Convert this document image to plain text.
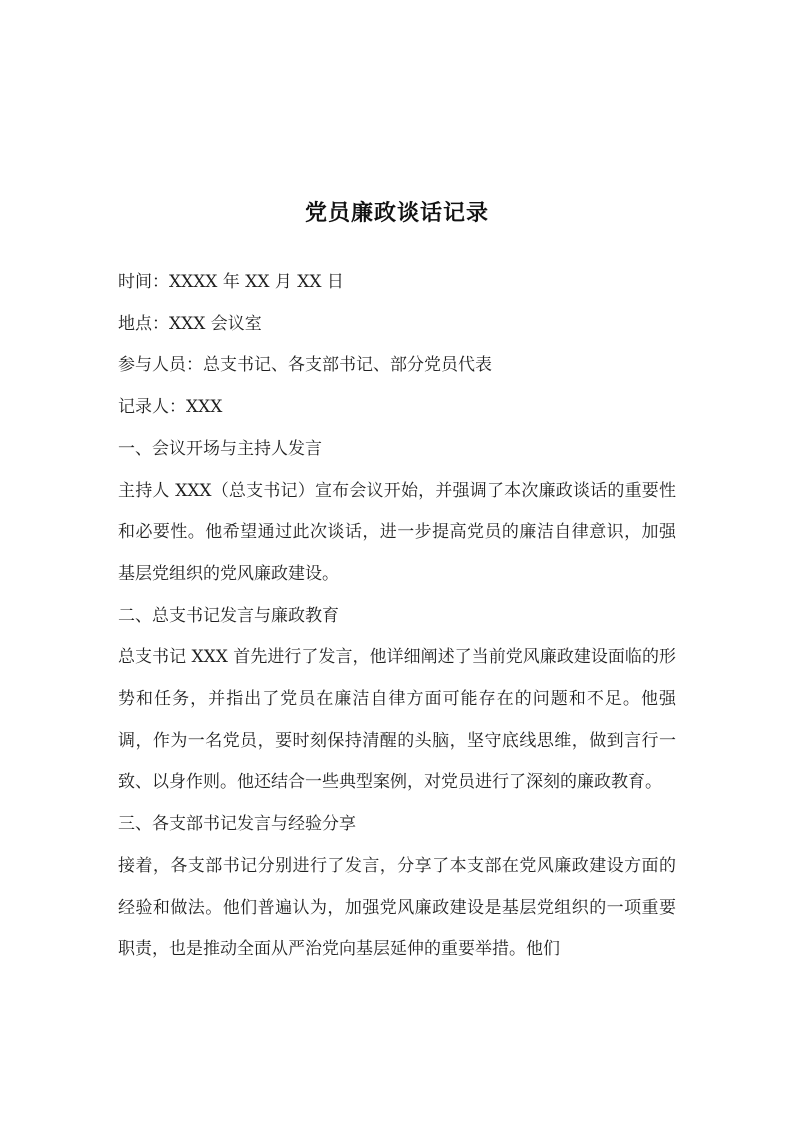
党员廉政谈话记录

时间：XXXX 年 XX 月 XX 日

地点：XXX 会议室

参与人员：总支书记、各支部书记、部分党员代表

记录人：XXX

一、会议开场与主持人发言

主持人 XXX（总支书记）宣布会议开始，并强调了本次廉政谈话的重要性和必要性。他希望通过此次谈话，进一步提高党员的廉洁自律意识，加强基层党组织的党风廉政建设。

二、总支书记发言与廉政教育

总支书记 XXX 首先进行了发言，他详细阐述了当前党风廉政建设面临的形势和任务，并指出了党员在廉洁自律方面可能存在的问题和不足。他强调，作为一名党员，要时刻保持清醒的头脑，坚守底线思维，做到言行一致、以身作则。他还结合一些典型案例，对党员进行了深刻的廉政教育。

三、各支部书记发言与经验分享

接着，各支部书记分别进行了发言，分享了本支部在党风廉政建设方面的经验和做法。他们普遍认为，加强党风廉政建设是基层党组织的一项重要职责，也是推动全面从严治党向基层延伸的重要举措。他们
